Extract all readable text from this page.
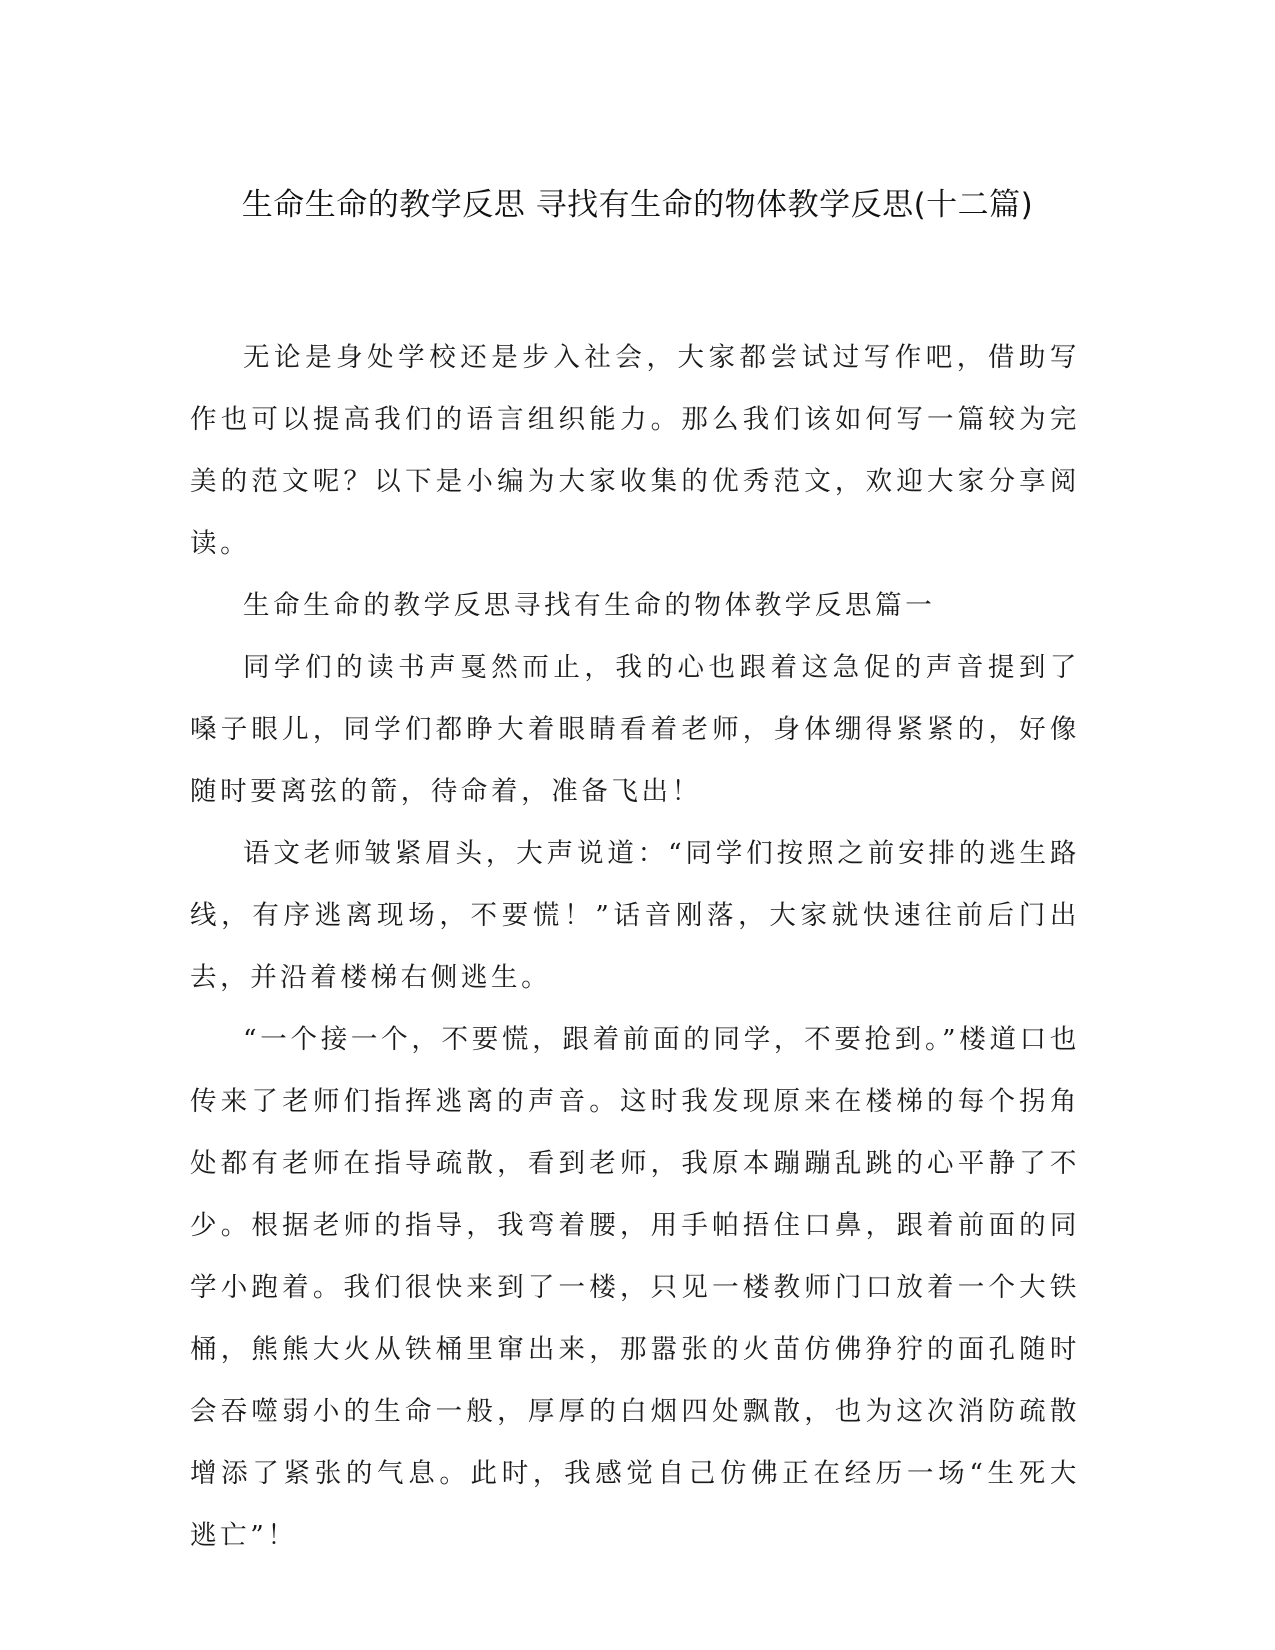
生命生命的教学反思 寻找有生命的物体教学反思(十二篇)

无论是身处学校还是步入社会，大家都尝试过写作吧，借助写作也可以提高我们的语言组织能力。那么我们该如何写一篇较为完美的范文呢？以下是小编为大家收集的优秀范文，欢迎大家分享阅读。

生命生命的教学反思寻找有生命的物体教学反思篇一

同学们的读书声戛然而止，我的心也跟着这急促的声音提到了嗓子眼儿，同学们都睁大着眼睛看着老师，身体绷得紧紧的，好像随时要离弦的箭，待命着，准备飞出！

语文老师皱紧眉头，大声说道：“同学们按照之前安排的逃生路线，有序逃离现场，不要慌！”话音刚落，大家就快速往前后门出去，并沿着楼梯右侧逃生。

“一个接一个，不要慌，跟着前面的同学，不要抢到。”楼道口也传来了老师们指挥逃离的声音。这时我发现原来在楼梯的每个拐角处都有老师在指导疏散，看到老师，我原本蹦蹦乱跳的心平静了不少。根据老师的指导，我弯着腰，用手帕捂住口鼻，跟着前面的同学小跑着。我们很快来到了一楼，只见一楼教师门口放着一个大铁桶，熊熊大火从铁桶里窜出来，那嚣张的火苗仿佛狰狞的面孔随时会吞噬弱小的生命一般，厚厚的白烟四处飘散，也为这次消防疏散增添了紧张的气息。此时，我感觉自己仿佛正在经历一场“生死大逃亡”！
